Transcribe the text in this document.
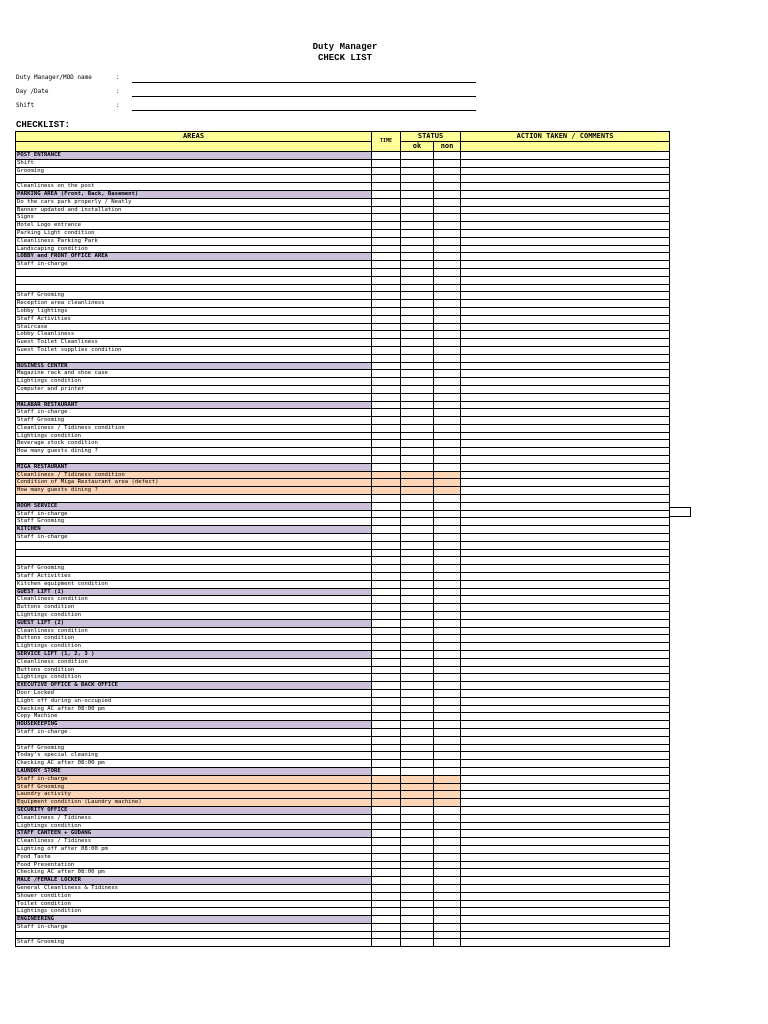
Duty Manager
CHECK LIST
Duty Manager/MOD name	:
Day /Date	:
Shift	:
CHECKLIST:
AREAS		TIME	STATUS		ACTION TAKEN / COMMENTS
			ok	non	
POST ENTRANCE					
Shift					
Grooming					

Cleanliness on the post					
PARKING AREA (Front, Back, Basement)					
Do the cars park properly / Neatly					
Banner updated and installation					
Signs					
Hotel Logo entrance					
Parking Light condition					
Cleanliness Parking Park					
Landscaping condition					
LOBBY and FRONT OFFICE AREA					
Staff in-charge					

Staff Grooming					
Reception area cleanliness					
Lobby lightings					
Staff Activities					
Staircase					
Lobby Cleanliness					
Guest Toilet Cleanliness					
Guest Toilet supplies condition					

BUSINESS CENTER					
Magazine rack and shoe case					
Lightings condition					
Computer and printer					

MALABAR RESTAURANT					
Staff in-charge					
Staff Grooming					
Cleanliness / Tidiness condition					
Lightings condition					
Beverage stock condition					
How many guests dining ?					

MIGA RESTAURANT					
Cleanliness / Tidiness condition					
Condition of Miga Restaurant area (defect)					
How many guests dining ?					

ROOM SERVICE					
Staff in-charge					
Staff Grooming					
KITCHEN					
Staff in-charge					

Staff Grooming					
Staff Activities					
Kitchen equipment condition					
GUEST LIFT (1)					
Cleanliness condition					
Buttons condition					
Lightings condition					
GUEST LIFT (2)					
Cleanliness condition					
Buttons condition					
Lightings condition					
SERVICE LIFT (1, 2, 3 )					
Cleanliness condition					
Buttons condition					
Lightings condition					
EXECUTIVE OFFICE & BACK OFFICE					
Door Locked					
Light off during un-occupied					
Checking AC after 08:00 pm					
Copy Machine					
HOUSEKEEPING					
Staff in-charge					

Staff Grooming					
Today's special cleaning					
Checking AC after 08:00 pm					
LAUNDRY STORE					
Staff in-charge					
Staff Grooming					
Laundry activity					
Equipment condition (Laundry machine)					
SECURITY OFFICE					
Cleanliness / Tidiness					
Lightings condition					
STAFF CANTEEN + GUDANG					
Cleanliness / Tidiness					
Lighting off after 08:00 pm					
Food Taste					
Food Presentation					
Checking AC after 08:00 pm					
MALE /FEMALE LOCKER					
General Cleanliness & Tidiness					
Shower condition					
Toilet condition					
Lightings condition					
ENGINEERING					
Staff in-charge					

Staff Grooming					
